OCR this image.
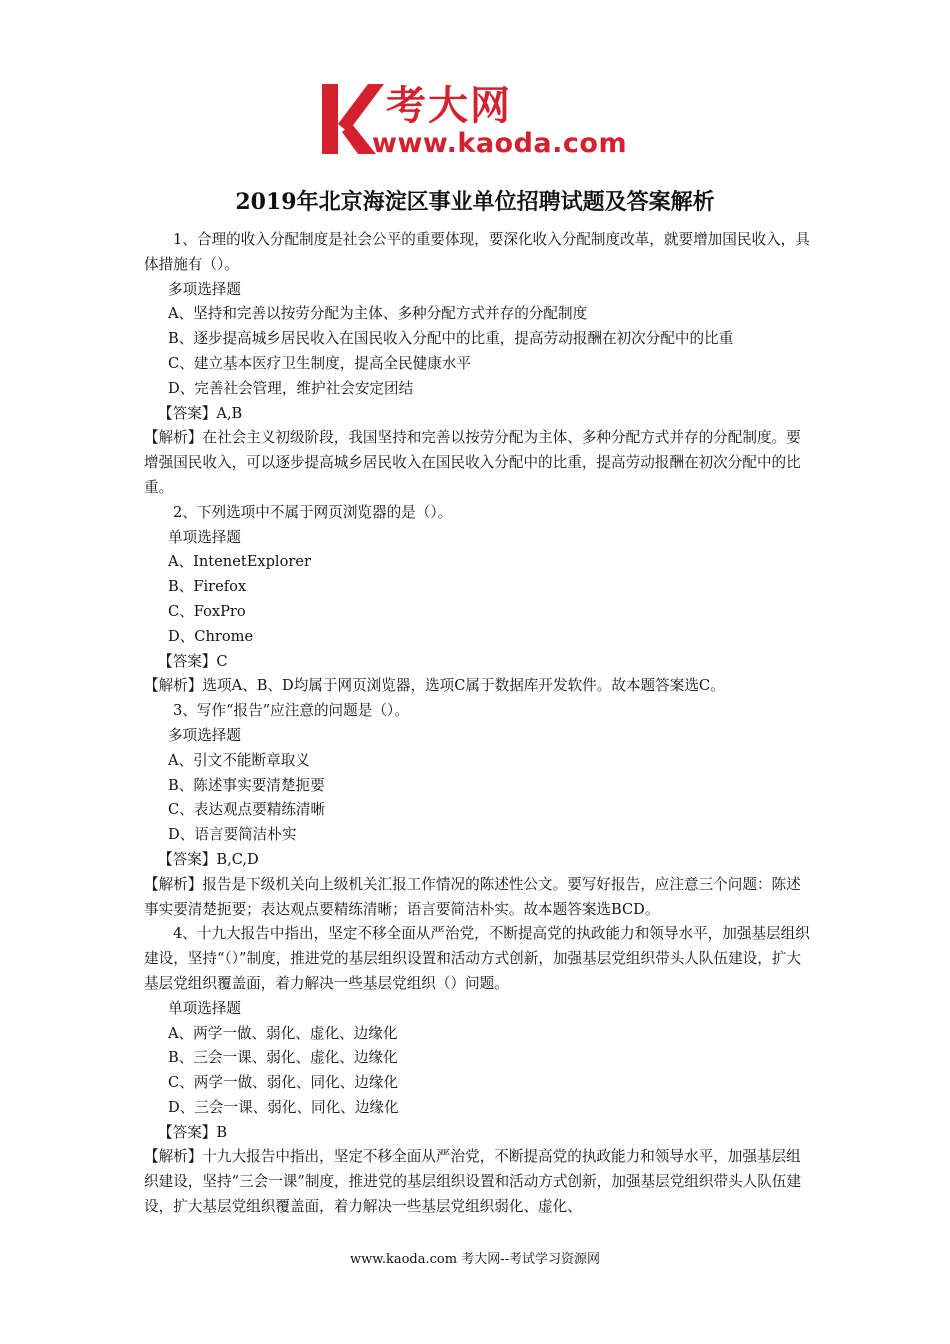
考大网
www.kaoda.com
2019年北京海淀区事业单位招聘试题及答案解析

1、合理的收入分配制度是社会公平的重要体现，要深化收入分配制度改革，就要增加国民收入，具体措施有（）。

多项选择题

A、坚持和完善以按劳分配为主体、多种分配方式并存的分配制度

B、逐步提高城乡居民收入在国民收入分配中的比重，提高劳动报酬在初次分配中的比重

C、建立基本医疗卫生制度，提高全民健康水平

D、完善社会管理，维护社会安定团结

【答案】A,B

【解析】在社会主义初级阶段，我国坚持和完善以按劳分配为主体、多种分配方式并存的分配制度。要增强国民收入，可以逐步提高城乡居民收入在国民收入分配中的比重，提高劳动报酬在初次分配中的比重。

2、下列选项中不属于网页浏览器的是（）。

单项选择题

A、IntenetExplorer

B、Firefox

C、FoxPro

D、Chrome

【答案】C

【解析】选项A、B、D均属于网页浏览器，选项C属于数据库开发软件。故本题答案选C。

3、写作“报告”应注意的问题是（）。

多项选择题

A、引文不能断章取义

B、陈述事实要清楚扼要

C、表达观点要精练清晰

D、语言要简洁朴实

【答案】B,C,D

【解析】报告是下级机关向上级机关汇报工作情况的陈述性公文。要写好报告，应注意三个问题：陈述事实要清楚扼要；表达观点要精练清晰；语言要简洁朴实。故本题答案选BCD。

4、十九大报告中指出，坚定不移全面从严治党，不断提高党的执政能力和领导水平，加强基层组织建设，坚持“（）”制度，推进党的基层组织设置和活动方式创新，加强基层党组织带头人队伍建设，扩大基层党组织覆盖面，着力解决一些基层党组织（）问题。

单项选择题

A、两学一做、弱化、虚化、边缘化

B、三会一课、弱化、虚化、边缘化

C、两学一做、弱化、同化、边缘化

D、三会一课、弱化、同化、边缘化

【答案】B

【解析】十九大报告中指出，坚定不移全面从严治党，不断提高党的执政能力和领导水平，加强基层组织建设，坚持“三会一课”制度，推进党的基层组织设置和活动方式创新，加强基层党组织带头人队伍建设，扩大基层党组织覆盖面，着力解决一些基层党组织弱化、虚化、

www.kaoda.com 考大网--考试学习资源网
